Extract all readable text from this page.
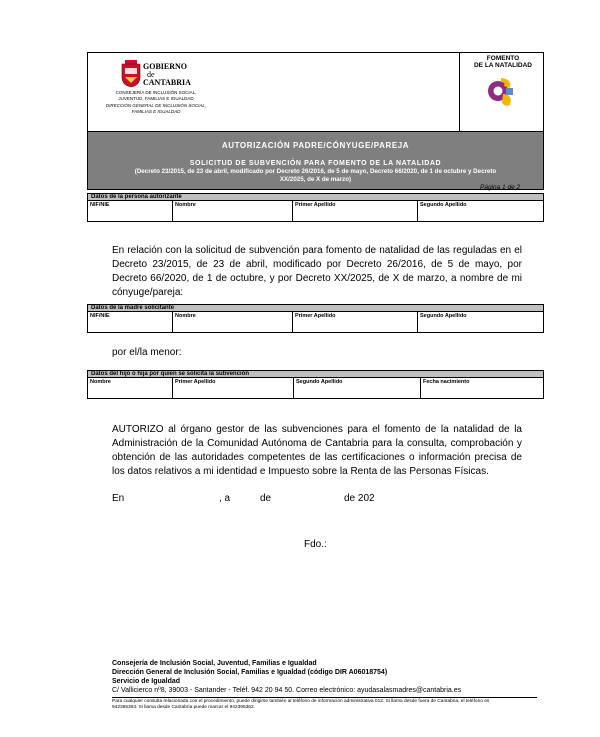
GOBIERNO
de
CANTABRIA
CONSEJERÍA DE INCLUSIÓN SOCIAL,
JUVENTUD, FAMILIAS E IGUALDAD
DIRECCIÓN GENERAL DE INCLUSIÓN SOCIAL,
FAMILIAS E IGUALDAD
FOMENTO
DE LA NATALIDAD
AUTORIZACIÓN PADRE/CÓNYUGE/PAREJA
SOLICITUD DE SUBVENCIÓN PARA FOMENTO DE LA NATALIDAD
(Decreto 23/2015, de 23 de abril, modificado por Decreto 26/2016, de 5 de mayo, Decreto 66/2020, de 1 de octubre y Decreto
XX/2025, de X de marzo)
Página 1 de 2
Datos de la persona autorizante
NIF/NIE	Nombre	Primer Apellido	Segundo Apellido
En relación con la solicitud de subvención para fomento de natalidad de las reguladas en el Decreto 23/2015, de 23 de abril, modificado por Decreto 26/2016, de 5 de mayo, por Decreto 66/2020, de 1 de octubre, y por Decreto XX/2025, de X de marzo, a nombre de mi cónyuge/pareja:
Datos de la madre solicitante
NIF/NIE	Nombre	Primer Apellido	Segundo Apellido
por el/la menor:
Datos del hijo o hija por quien se solicita la subvención
Nombre	Primer Apellido	Segundo Apellido	Fecha nacimiento
AUTORIZO al órgano gestor de las subvenciones para el fomento de la natalidad de la Administración de la Comunidad Autónoma de Cantabria para la consulta, comprobación y obtención de las autoridades competentes de las certificaciones o información precisa de los datos relativos a mi identidad e Impuesto sobre la Renta de las Personas Físicas.
En	, a	de	de 202
Fdo.:
Consejería de Inclusión Social, Juventud, Familias e Igualdad
Dirección General de Inclusión Social, Familias e Igualdad (código DIR A06018754)
Servicio de Igualdad
C/ Vallicierco nº8, 39003 - Santander - Teléf. 942 20 94 50. Correo electrónico: ayudasalasmadres@cantabria.es
Para cualquier consulta relacionada con el procedimiento, puede dirigirse también al teléfono de información administrativa 012. Si llama desde fuera de Cantabria, el teléfono es
942395363. Si llama desde Cantabria puede marcar el 942395362.
